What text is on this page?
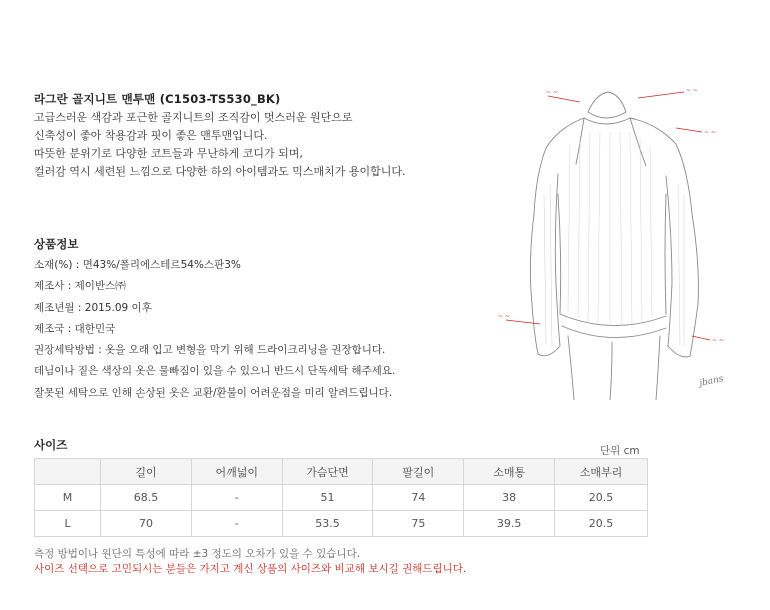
라그란 골지니트 맨투맨 (C1503-TS530_BK)
고급스러운 색감과 포근한 골지니트의 조직감이 멋스러운 원단으로
신축성이 좋아 착용감과 핏이 좋은 맨투맨입니다.
따뜻한 분위기로 다양한 코트들과 무난하게 코디가 되며,
컬러감 역시 세련된 느낌으로 다양한 하의 아이템과도 믹스매치가 용이합니다.
상품정보
소재(%) : 면43%/폴리에스테르54%스판3%
제조사 : 제이반스㈜
제조년월 : 2015.09 이후
제조국 : 대한민국
권장세탁방법 : 옷을 오래 입고 변형을 막기 위해 드라이크리닝을 권장합니다.
데님이나 짙은 색상의 옷은 물빠짐이 있을 수 있으니 반드시 단독세탁 해주세요.
잘못된 세탁으로 인해 손상된 옷은 교환/환불이 어려운점을 미리 알려드립니다.
~ ~	~ ~
~ ~
~ ~
~ ~
jbans
사이즈	단위 cm
	길이	어깨넓이	가슴단면	팔길이	소매통	소매부리
M	68.5	-	51	74	38	20.5
L	70	-	53.5	75	39.5	20.5
측정 방법이나 원단의 특성에 따라 ±3 정도의 오차가 있을 수 있습니다.
사이즈 선택으로 고민되시는 분들은 가지고 계신 상품의 사이즈와 비교해 보시길 권해드립니다.
